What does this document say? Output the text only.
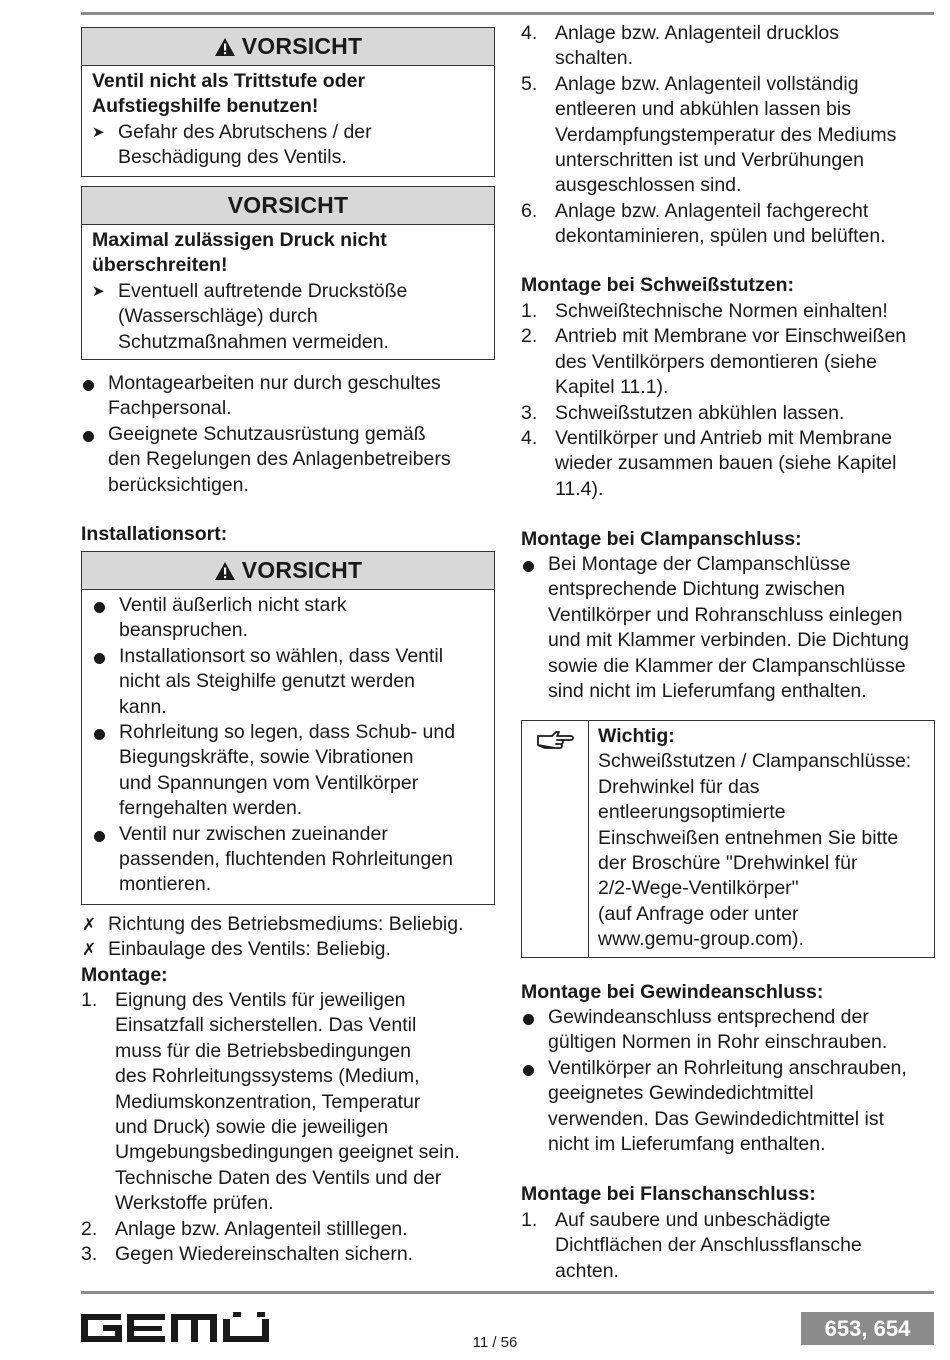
VORSICHT
Ventil nicht als Trittstufe oder
Aufstiegshilfe benutzen!
➤ Gefahr des Abrutschens / der
Beschädigung des Ventils.
VORSICHT
Maximal zulässigen Druck nicht
überschreiten!
➤ Eventuell auftretende Druckstöße
(Wasserschläge) durch
Schutzmaßnahmen vermeiden.
Montagearbeiten nur durch geschultes
Fachpersonal.
Geeignete Schutzausrüstung gemäß
den Regelungen des Anlagenbetreibers
berücksichtigen.
Installationsort:
VORSICHT
Ventil äußerlich nicht stark
beanspruchen.
Installationsort so wählen, dass Ventil
nicht als Steighilfe genutzt werden
kann.
Rohrleitung so legen, dass Schub- und
Biegungskräfte, sowie Vibrationen
und Spannungen vom Ventilkörper
ferngehalten werden.
Ventil nur zwischen zueinander
passenden, fluchtenden Rohrleitungen
montieren.
✗ Richtung des Betriebsmediums: Beliebig.
✗ Einbaulage des Ventils: Beliebig.
Montage:
1. Eignung des Ventils für jeweiligen
Einsatzfall sicherstellen. Das Ventil
muss für die Betriebsbedingungen
des Rohrleitungssystems (Medium,
Mediumskonzentration, Temperatur
und Druck) sowie die jeweiligen
Umgebungsbedingungen geeignet sein.
Technische Daten des Ventils und der
Werkstoffe prüfen.
2. Anlage bzw. Anlagenteil stilllegen.
3. Gegen Wiedereinschalten sichern.
4. Anlage bzw. Anlagenteil drucklos
schalten.
5. Anlage bzw. Anlagenteil vollständig
entleeren und abkühlen lassen bis
Verdampfungstemperatur des Mediums
unterschritten ist und Verbrühungen
ausgeschlossen sind.
6. Anlage bzw. Anlagenteil fachgerecht
dekontaminieren, spülen und belüften.
Montage bei Schweißstutzen:
1. Schweißtechnische Normen einhalten!
2. Antrieb mit Membrane vor Einschweißen
des Ventilkörpers demontieren (siehe
Kapitel 11.1).
3. Schweißstutzen abkühlen lassen.
4. Ventilkörper und Antrieb mit Membrane
wieder zusammen bauen (siehe Kapitel
11.4).
Montage bei Clampanschluss:
Bei Montage der Clampanschlüsse
entsprechende Dichtung zwischen
Ventilkörper und Rohranschluss einlegen
und mit Klammer verbinden. Die Dichtung
sowie die Klammer der Clampanschlüsse
sind nicht im Lieferumfang enthalten.
Wichtig:
Schweißstutzen / Clampanschlüsse:
Drehwinkel für das
entleerungsoptimierte
Einschweißen entnehmen Sie bitte
der Broschüre "Drehwinkel für
2/2-Wege-Ventilkörper"
(auf Anfrage oder unter
www.gemu-group.com).
Montage bei Gewindeanschluss:
Gewindeanschluss entsprechend der
gültigen Normen in Rohr einschrauben.
Ventilkörper an Rohrleitung anschrauben,
geeignetes Gewindedichtmittel
verwenden. Das Gewindedichtmittel ist
nicht im Lieferumfang enthalten.
Montage bei Flanschanschluss:
1. Auf saubere und unbeschädigte
Dichtflächen der Anschlussflansche
achten.
11 / 56
653, 654
